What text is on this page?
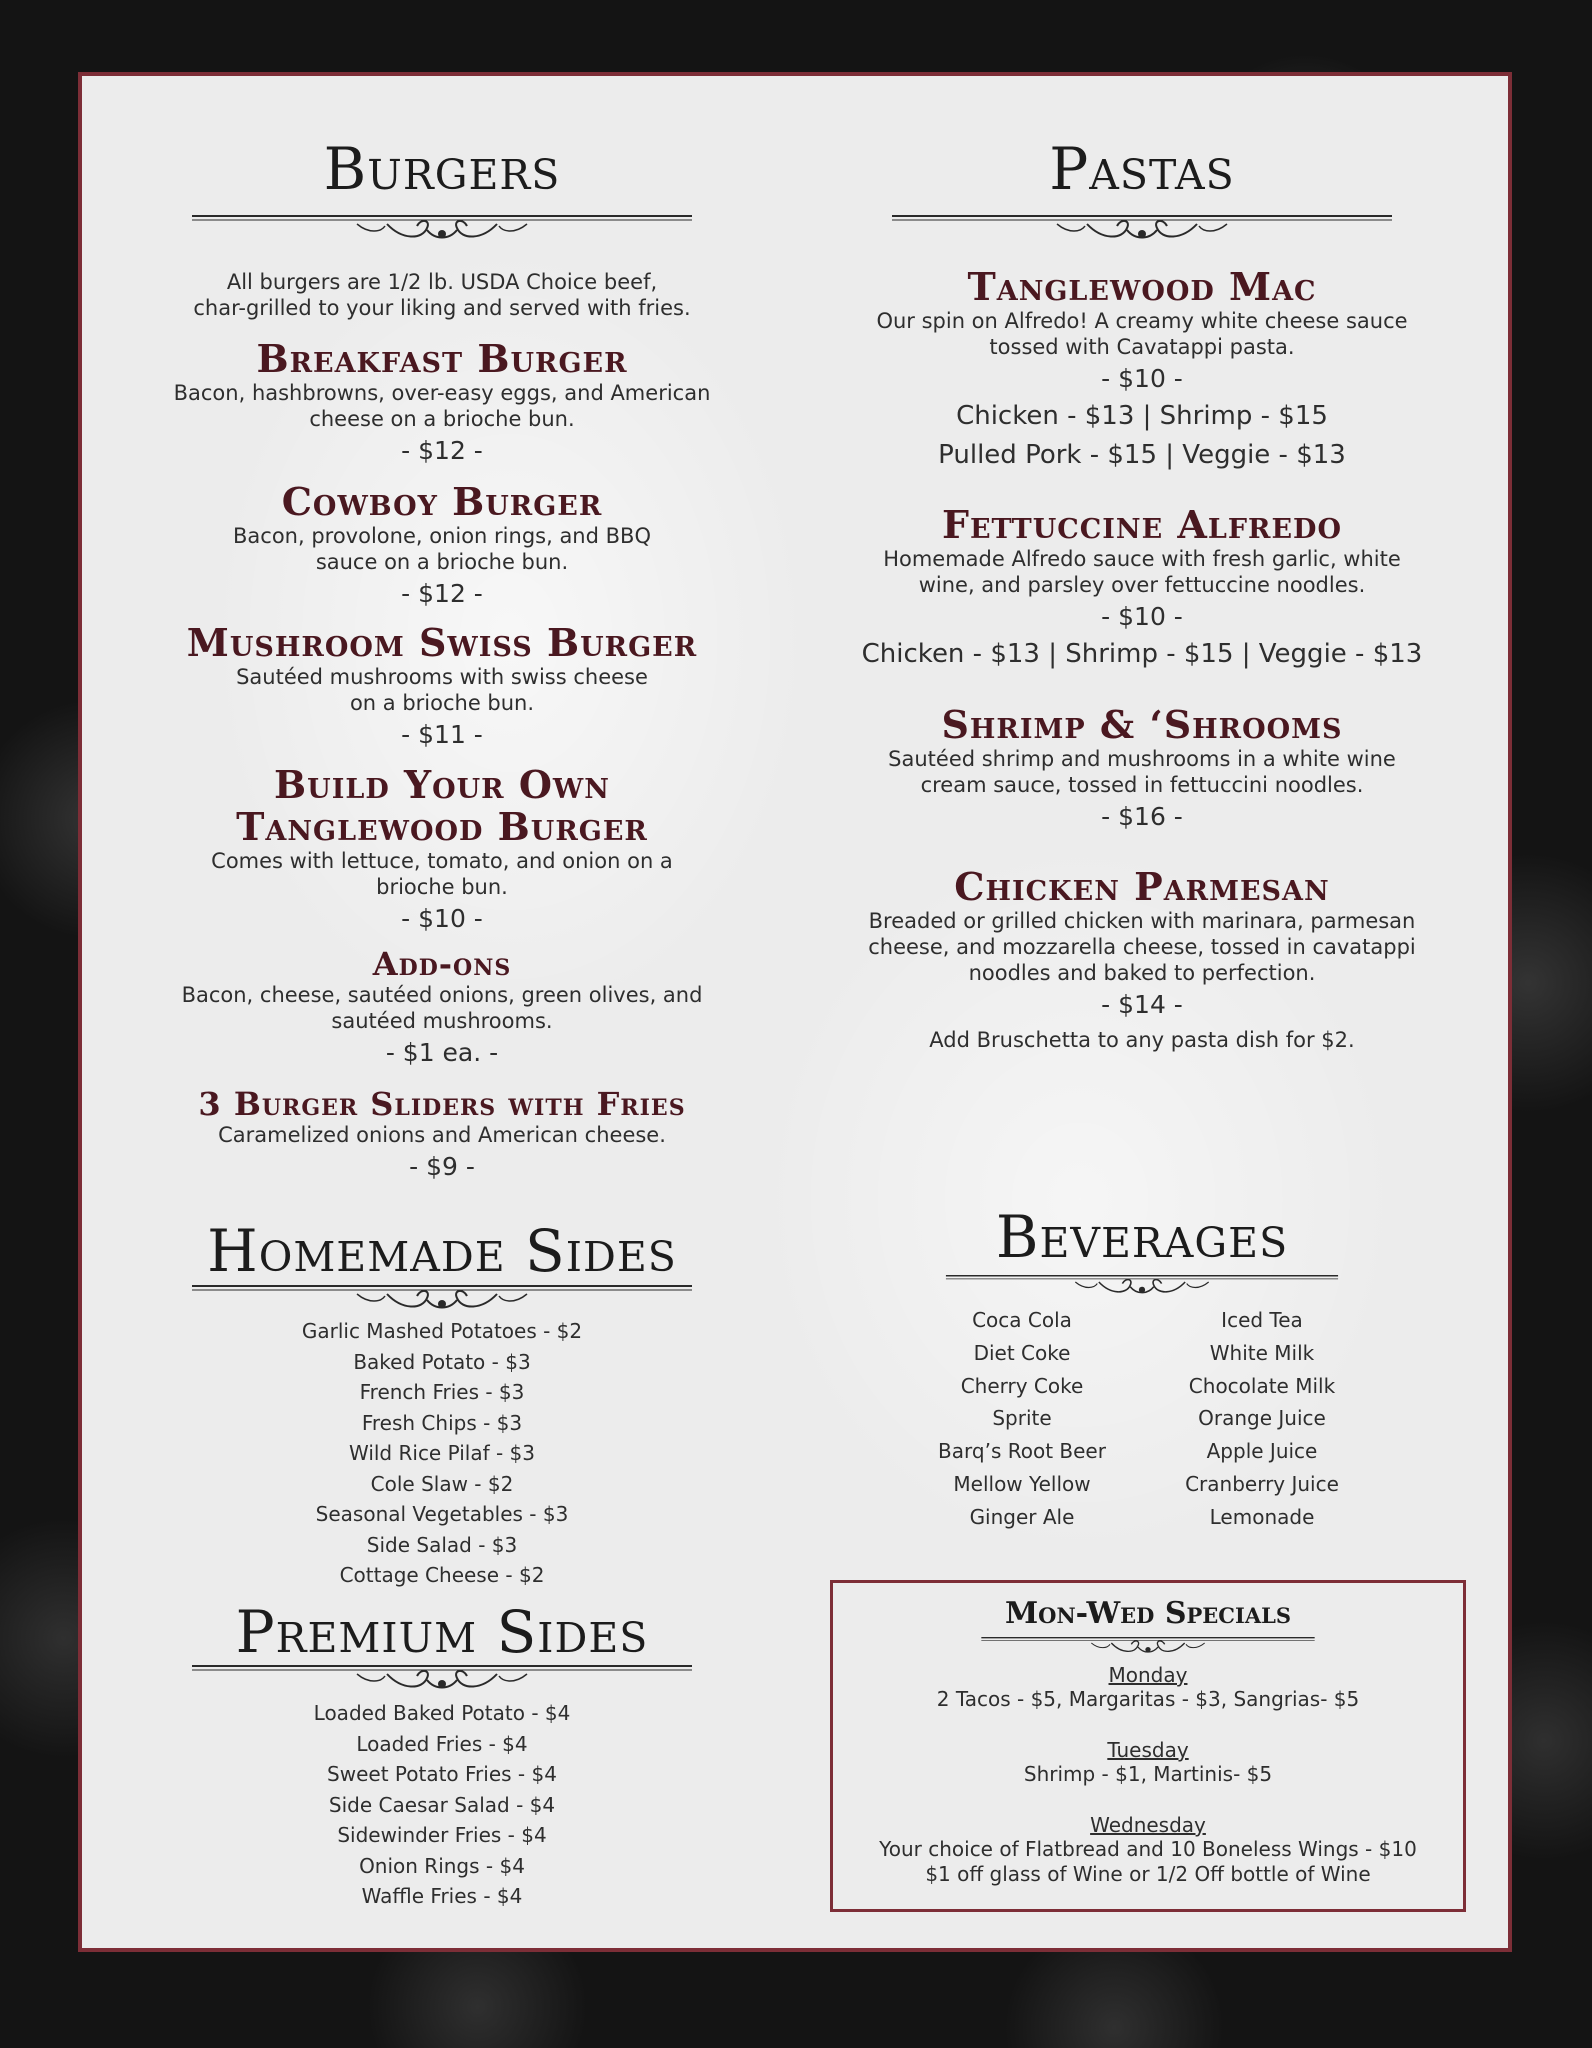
Burgers
All burgers are 1/2 lb. USDA Choice beef,
char-grilled to your liking and served with fries.
Breakfast Burger
Bacon, hashbrowns, over-easy eggs, and American
cheese on a brioche bun.
- $12 -
Cowboy Burger
Bacon, provolone, onion rings, and BBQ
sauce on a brioche bun.
- $12 -
Mushroom Swiss Burger
Sautéed mushrooms with swiss cheese
on a brioche bun.
- $11 -
Build Your Own
Tanglewood Burger
Comes with lettuce, tomato, and onion on a
brioche bun.
- $10 -
Add-ons
Bacon, cheese, sautéed onions, green olives, and
sautéed mushrooms.
- $1 ea. -
3 Burger Sliders with Fries
Caramelized onions and American cheese.
- $9 -
Homemade Sides
Garlic Mashed Potatoes - $2
Baked Potato - $3
French Fries - $3
Fresh Chips - $3
Wild Rice Pilaf - $3
Cole Slaw - $2
Seasonal Vegetables - $3
Side Salad - $3
Cottage Cheese - $2
Premium Sides
Loaded Baked Potato - $4
Loaded Fries - $4
Sweet Potato Fries - $4
Side Caesar Salad - $4
Sidewinder Fries - $4
Onion Rings - $4
Waffle Fries - $4
Pastas
Tanglewood Mac
Our spin on Alfredo! A creamy white cheese sauce
tossed with Cavatappi pasta.
- $10 -
Chicken - $13 | Shrimp - $15
Pulled Pork - $15 | Veggie - $13
Fettuccine Alfredo
Homemade Alfredo sauce with fresh garlic, white
wine, and parsley over fettuccine noodles.
- $10 -
Chicken - $13 | Shrimp - $15 | Veggie - $13
Shrimp & ‘Shrooms
Sautéed shrimp and mushrooms in a white wine
cream sauce, tossed in fettuccini noodles.
- $16 -
Chicken Parmesan
Breaded or grilled chicken with marinara, parmesan
cheese, and mozzarella cheese, tossed in cavatappi
noodles and baked to perfection.
- $14 -
Add Bruschetta to any pasta dish for $2.
Beverages
Coca Cola
Diet Coke
Cherry Coke
Sprite
Barq’s Root Beer
Mellow Yellow
Ginger Ale
Iced Tea
White Milk
Chocolate Milk
Orange Juice
Apple Juice
Cranberry Juice
Lemonade
Mon-Wed Specials
Monday
2 Tacos - $5, Margaritas - $3, Sangrias- $5
Tuesday
Shrimp - $1, Martinis- $5
Wednesday
Your choice of Flatbread and 10 Boneless Wings - $10
$1 off glass of Wine or 1/2 Off bottle of Wine
